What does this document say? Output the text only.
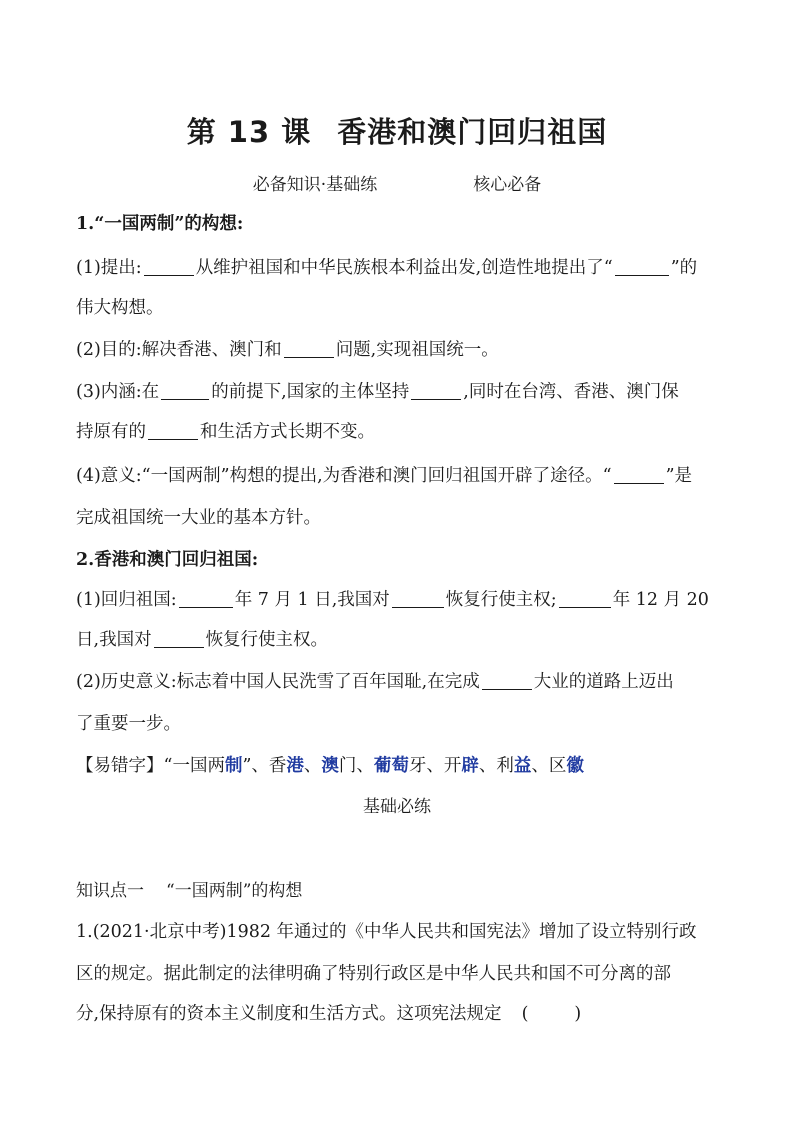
第 13 课 香港和澳门回归祖国
必备知识·基础练	核心必备
1.“一国两制”的构想:
(1)提出:	从维护祖国和中华民族根本利益出发,创造性地提出了“	”的
伟大构想。
(2)目的:解决香港、澳门和	问题,实现祖国统一。
(3)内涵:在	的前提下,国家的主体坚持	,同时在台湾、香港、澳门保
持原有的	和生活方式长期不变。
(4)意义:“一国两制”构想的提出,为香港和澳门回归祖国开辟了途径。“	”是
完成祖国统一大业的基本方针。
2.香港和澳门回归祖国:
(1)回归祖国:	年 7 月 1 日,我国对	恢复行使主权;	年 12 月 20
日,我国对	恢复行使主权。
(2)历史意义:标志着中国人民洗雪了百年国耻,在完成	大业的道路上迈出
了重要一步。
【易错字】“一国两制”、香港、澳门、葡萄牙、开辟、利益、区徽
基础必练
知识点一 “一国两制”的构想
1.(2021·北京中考)1982 年通过的《中华人民共和国宪法》增加了设立特别行政
区的规定。据此制定的法律明确了特别行政区是中华人民共和国不可分离的部
分,保持原有的资本主义制度和生活方式。这项宪法规定 (	)
